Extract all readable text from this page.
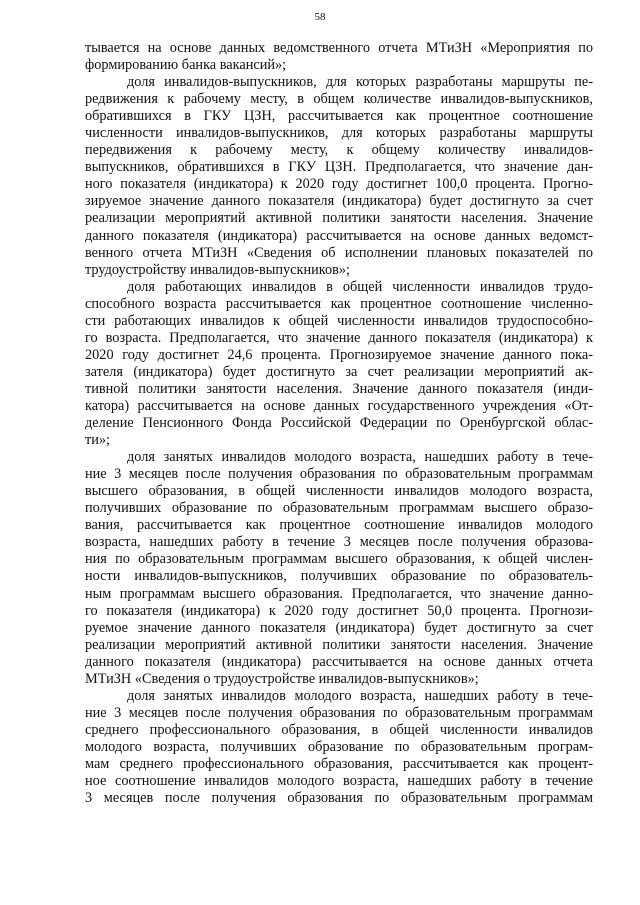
58
тывается на основе данных ведомственного отчета МТиЗН «Мероприятия по
формированию банка вакансий»;
доля инвалидов-выпускников, для которых разработаны маршруты пе-
редвижения к рабочему месту, в общем количестве инвалидов-выпускников,
обратившихся в ГКУ ЦЗН, рассчитывается как процентное соотношение
численности инвалидов-выпускников, для которых разработаны маршруты
передвижения к рабочему месту, к общему количеству инвалидов-
выпускников, обратившихся в ГКУ ЦЗН. Предполагается, что значение дан-
ного показателя (индикатора) к 2020 году достигнет 100,0 процента. Прогно-
зируемое значение данного показателя (индикатора) будет достигнуто за счет
реализации мероприятий активной политики занятости населения. Значение
данного показателя (индикатора) рассчитывается на основе данных ведомст-
венного отчета МТиЗН «Сведения об исполнении плановых показателей по
трудоустройству инвалидов-выпускников»;
доля работающих инвалидов в общей численности инвалидов трудо-
способного возраста рассчитывается как процентное соотношение численно-
сти работающих инвалидов к общей численности инвалидов трудоспособно-
го возраста. Предполагается, что значение данного показателя (индикатора) к
2020 году достигнет 24,6 процента. Прогнозируемое значение данного пока-
зателя (индикатора) будет достигнуто за счет реализации мероприятий ак-
тивной политики занятости населения. Значение данного показателя (инди-
катора) рассчитывается на основе данных государственного учреждения «От-
деление Пенсионного Фонда Российской Федерации по Оренбургской облас-
ти»;
доля занятых инвалидов молодого возраста, нашедших работу в тече-
ние 3 месяцев после получения образования по образовательным программам
высшего образования, в общей численности инвалидов молодого возраста,
получивших образование по образовательным программам высшего образо-
вания, рассчитывается как процентное соотношение инвалидов молодого
возраста, нашедших работу в течение 3 месяцев после получения образова-
ния по образовательным программам высшего образования, к общей числен-
ности инвалидов-выпускников, получивших образование по образователь-
ным программам высшего образования. Предполагается, что значение данно-
го показателя (индикатора) к 2020 году достигнет 50,0 процента. Прогнози-
руемое значение данного показателя (индикатора) будет достигнуто за счет
реализации мероприятий активной политики занятости населения. Значение
данного показателя (индикатора) рассчитывается на основе данных отчета
МТиЗН «Сведения о трудоустройстве инвалидов-выпускников»;
доля занятых инвалидов молодого возраста, нашедших работу в тече-
ние 3 месяцев после получения образования по образовательным программам
среднего профессионального образования, в общей численности инвалидов
молодого возраста, получивших образование по образовательным програм-
мам среднего профессионального образования, рассчитывается как процент-
ное соотношение инвалидов молодого возраста, нашедших работу в течение
3 месяцев после получения образования по образовательным программам
